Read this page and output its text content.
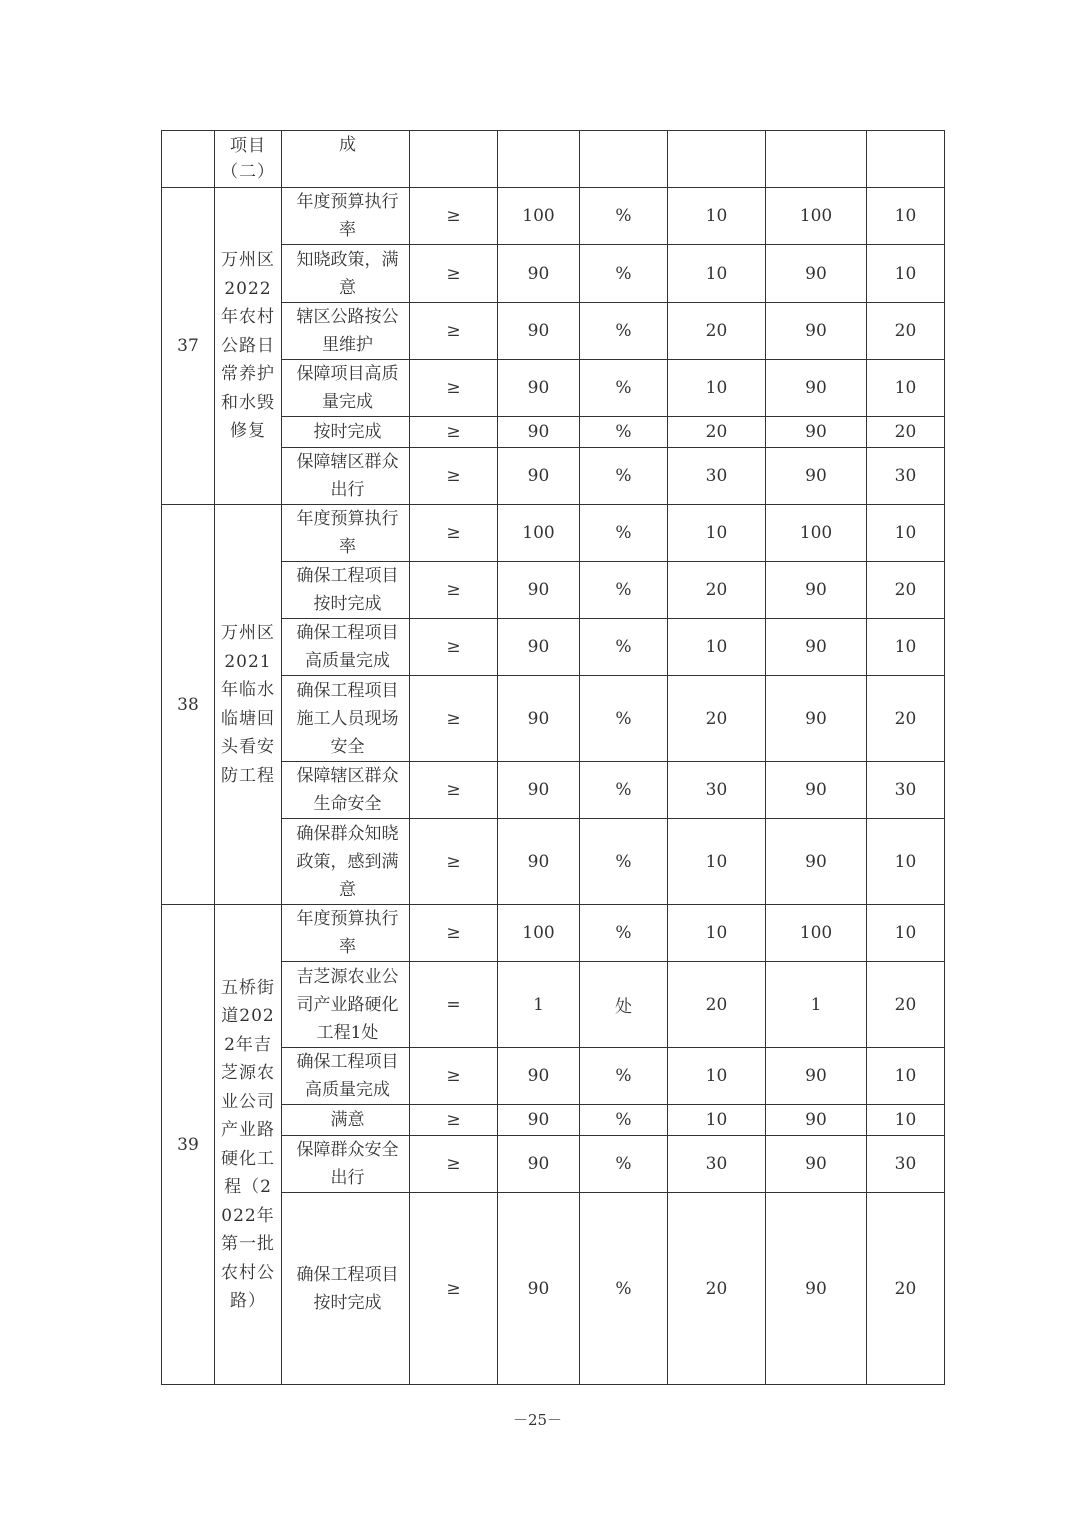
	项目（二）	成						
37	万州区2022年农村公路日常养护和水毁修复	年度预算执行率	≥	100	%	10	100	10
		知晓政策，满意	≥	90	%	10	90	10
		辖区公路按公里维护	≥	90	%	20	90	20
		保障项目高质量完成	≥	90	%	10	90	10
		按时完成	≥	90	%	20	90	20
		保障辖区群众出行	≥	90	%	30	90	30
38	万州区2021年临水临塘回头看安防工程	年度预算执行率	≥	100	%	10	100	10
		确保工程项目按时完成	≥	90	%	20	90	20
		确保工程项目高质量完成	≥	90	%	10	90	10
		确保工程项目施工人员现场安全	≥	90	%	20	90	20
		保障辖区群众生命安全	≥	90	%	30	90	30
		确保群众知晓政策，感到满意	≥	90	%	10	90	10
39	五桥街道2022年吉芝源农业公司产业路硬化工程（2022年第一批农村公路）	年度预算执行率	≥	100	%	10	100	10
		吉芝源农业公司产业路硬化工程1处	=	1	处	20	1	20
		确保工程项目高质量完成	≥	90	%	10	90	10
		满意	≥	90	%	10	90	10
		保障群众安全出行	≥	90	%	30	90	30
		确保工程项目按时完成	≥	90	%	20	90	20
－25－
